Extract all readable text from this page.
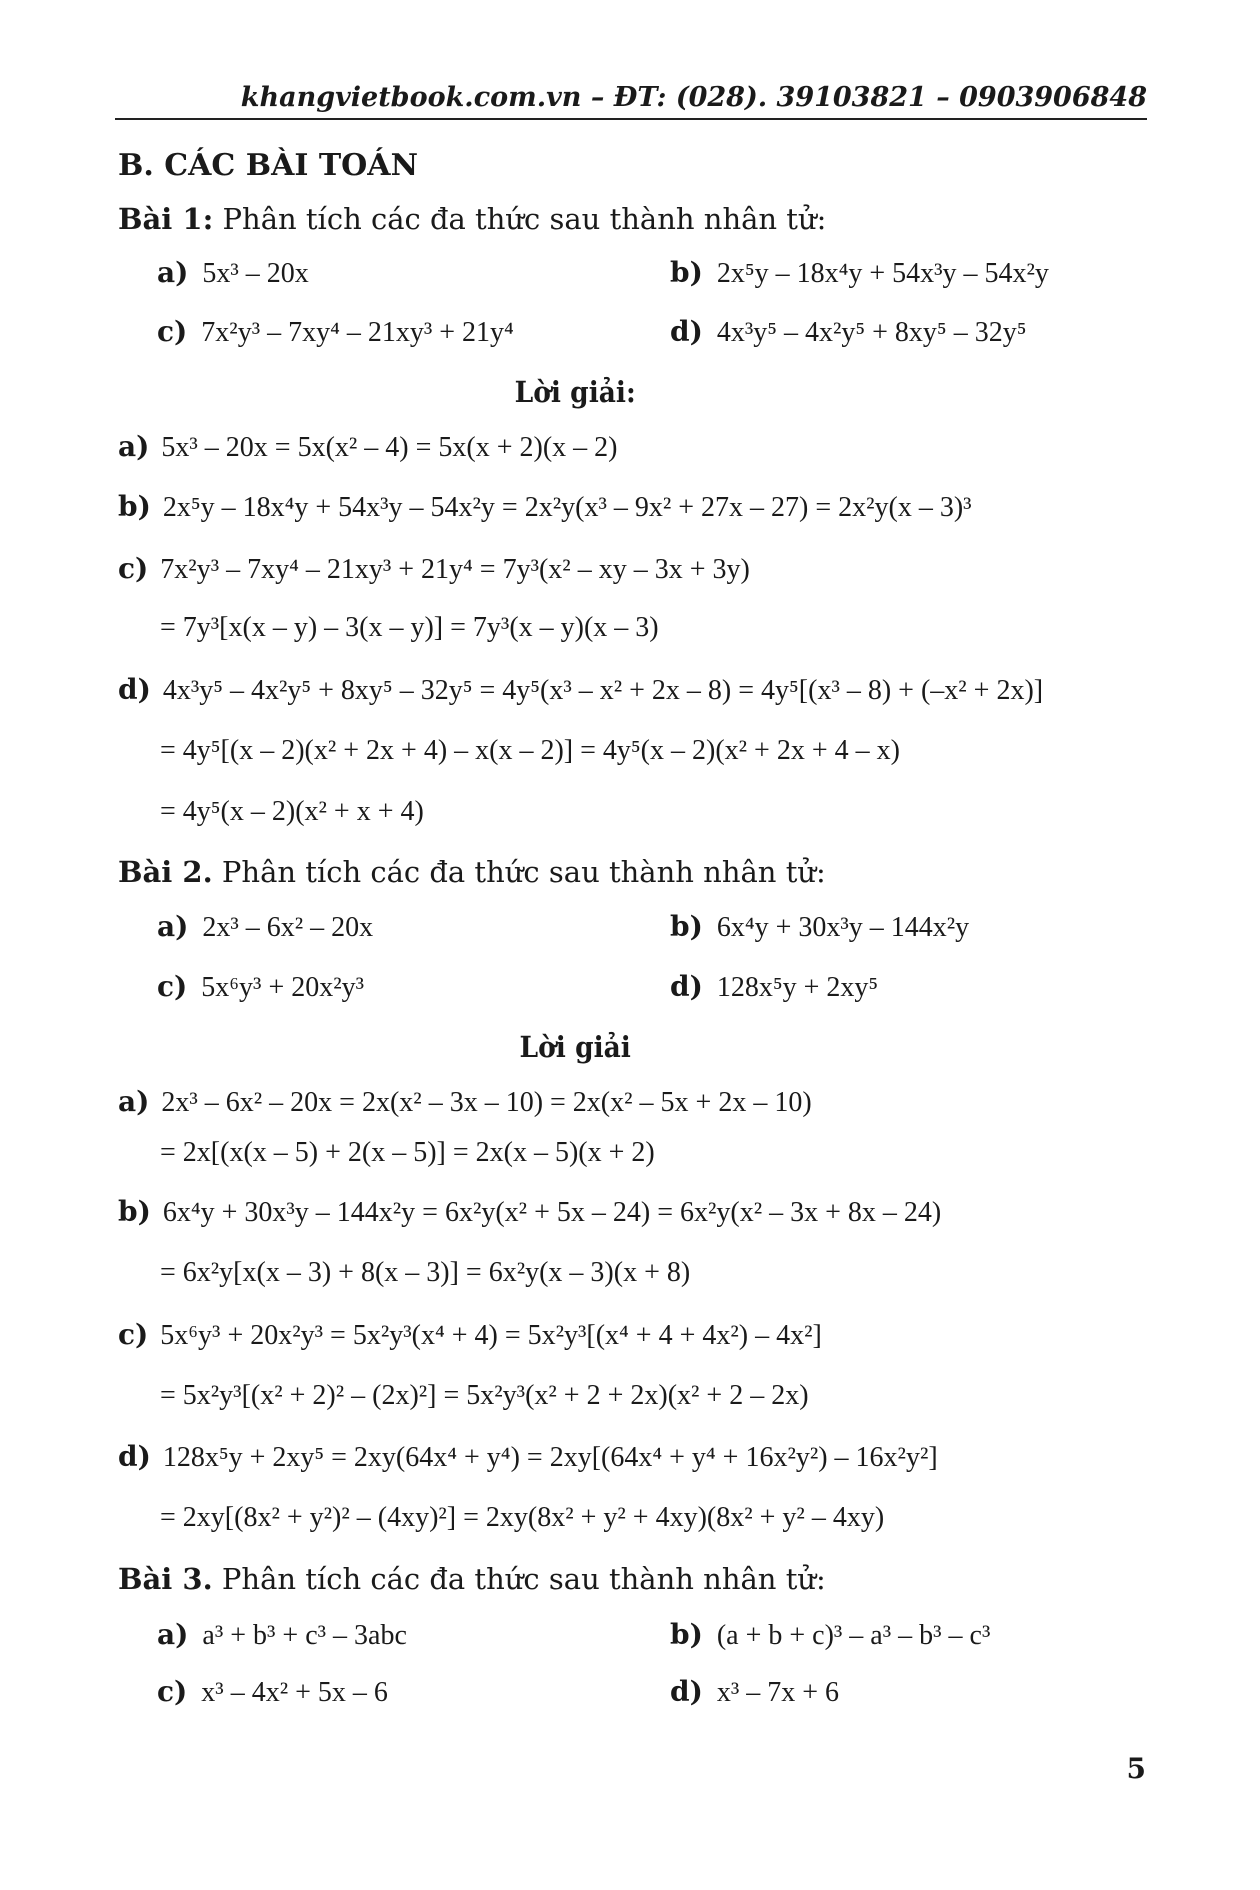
khangvietbook.com.vn – ĐT: (028). 39103821 – 0903906848
B. CÁC BÀI TOÁN
Bài 1: Phân tích các đa thức sau thành nhân tử:
a) 5x³ – 20x	b) 2x⁵y – 18x⁴y + 54x³y – 54x²y
c) 7x²y³ – 7xy⁴ – 21xy³ + 21y⁴	d) 4x³y⁵ – 4x²y⁵ + 8xy⁵ – 32y⁵
Lời giải:
a) 5x³ – 20x = 5x(x² – 4) = 5x(x + 2)(x – 2)
b) 2x⁵y – 18x⁴y + 54x³y – 54x²y = 2x²y(x³ – 9x² + 27x – 27) = 2x²y(x – 3)³
c) 7x²y³ – 7xy⁴ – 21xy³ + 21y⁴ = 7y³(x² – xy – 3x + 3y)
= 7y³[x(x – y) – 3(x – y)] = 7y³(x – y)(x – 3)
d) 4x³y⁵ – 4x²y⁵ + 8xy⁵ – 32y⁵ = 4y⁵(x³ – x² + 2x – 8) = 4y⁵[(x³ – 8) + (–x² + 2x)]
= 4y⁵[(x – 2)(x² + 2x + 4) – x(x – 2)] = 4y⁵(x – 2)(x² + 2x + 4 – x)
= 4y⁵(x – 2)(x² + x + 4)
Bài 2. Phân tích các đa thức sau thành nhân tử:
a) 2x³ – 6x² – 20x	b) 6x⁴y + 30x³y – 144x²y
c) 5x⁶y³ + 20x²y³	d) 128x⁵y + 2xy⁵
Lời giải
a) 2x³ – 6x² – 20x = 2x(x² – 3x – 10) = 2x(x² – 5x + 2x – 10)
= 2x[(x(x – 5) + 2(x – 5)] = 2x(x – 5)(x + 2)
b) 6x⁴y + 30x³y – 144x²y = 6x²y(x² + 5x – 24) = 6x²y(x² – 3x + 8x – 24)
= 6x²y[x(x – 3) + 8(x – 3)] = 6x²y(x – 3)(x + 8)
c) 5x⁶y³ + 20x²y³ = 5x²y³(x⁴ + 4) = 5x²y³[(x⁴ + 4 + 4x²) – 4x²]
= 5x²y³[(x² + 2)² – (2x)²] = 5x²y³(x² + 2 + 2x)(x² + 2 – 2x)
d) 128x⁵y + 2xy⁵ = 2xy(64x⁴ + y⁴) = 2xy[(64x⁴ + y⁴ + 16x²y²) – 16x²y²]
= 2xy[(8x² + y²)² – (4xy)²] = 2xy(8x² + y² + 4xy)(8x² + y² – 4xy)
Bài 3. Phân tích các đa thức sau thành nhân tử:
a) a³ + b³ + c³ – 3abc	b) (a + b + c)³ – a³ – b³ – c³
c) x³ – 4x² + 5x – 6	d) x³ – 7x + 6
5
